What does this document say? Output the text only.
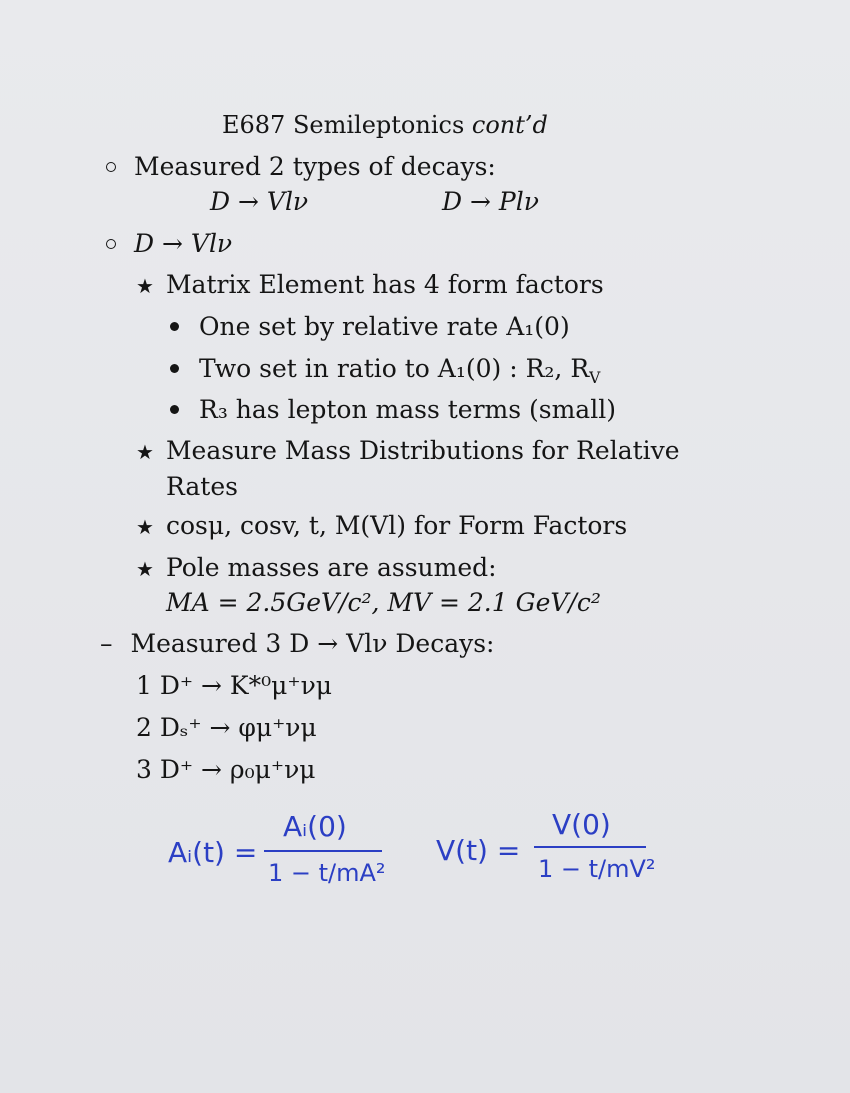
E687 Semileptonics cont’d
Measured 2 types of decays:
D → Vlν	D → Plν
D → Vlν
★ Matrix Element has 4 form factors
One set by relative rate A₁(0)
Two set in ratio to A₁(0) : R₂, $R_V$
R₃ has lepton mass terms (small)
★ Measure Mass Distributions for Relative
Rates
★ cosμ, cosv, t, M(Vl) for Form Factors
★ Pole masses are assumed:
MA = 2.5GeV/c², MV = 2.1 GeV/c²
– Measured 3 D → Vlν Decays:
1 D⁺ → K*⁰μ⁺νμ
2 Dₛ⁺ → φμ⁺νμ
3 D⁺ → ρ₀μ⁺νμ
Aᵢ(t) =
Aᵢ(0)
1 − t/mA²
V(t) =
V(0)
1 − t/mV²
